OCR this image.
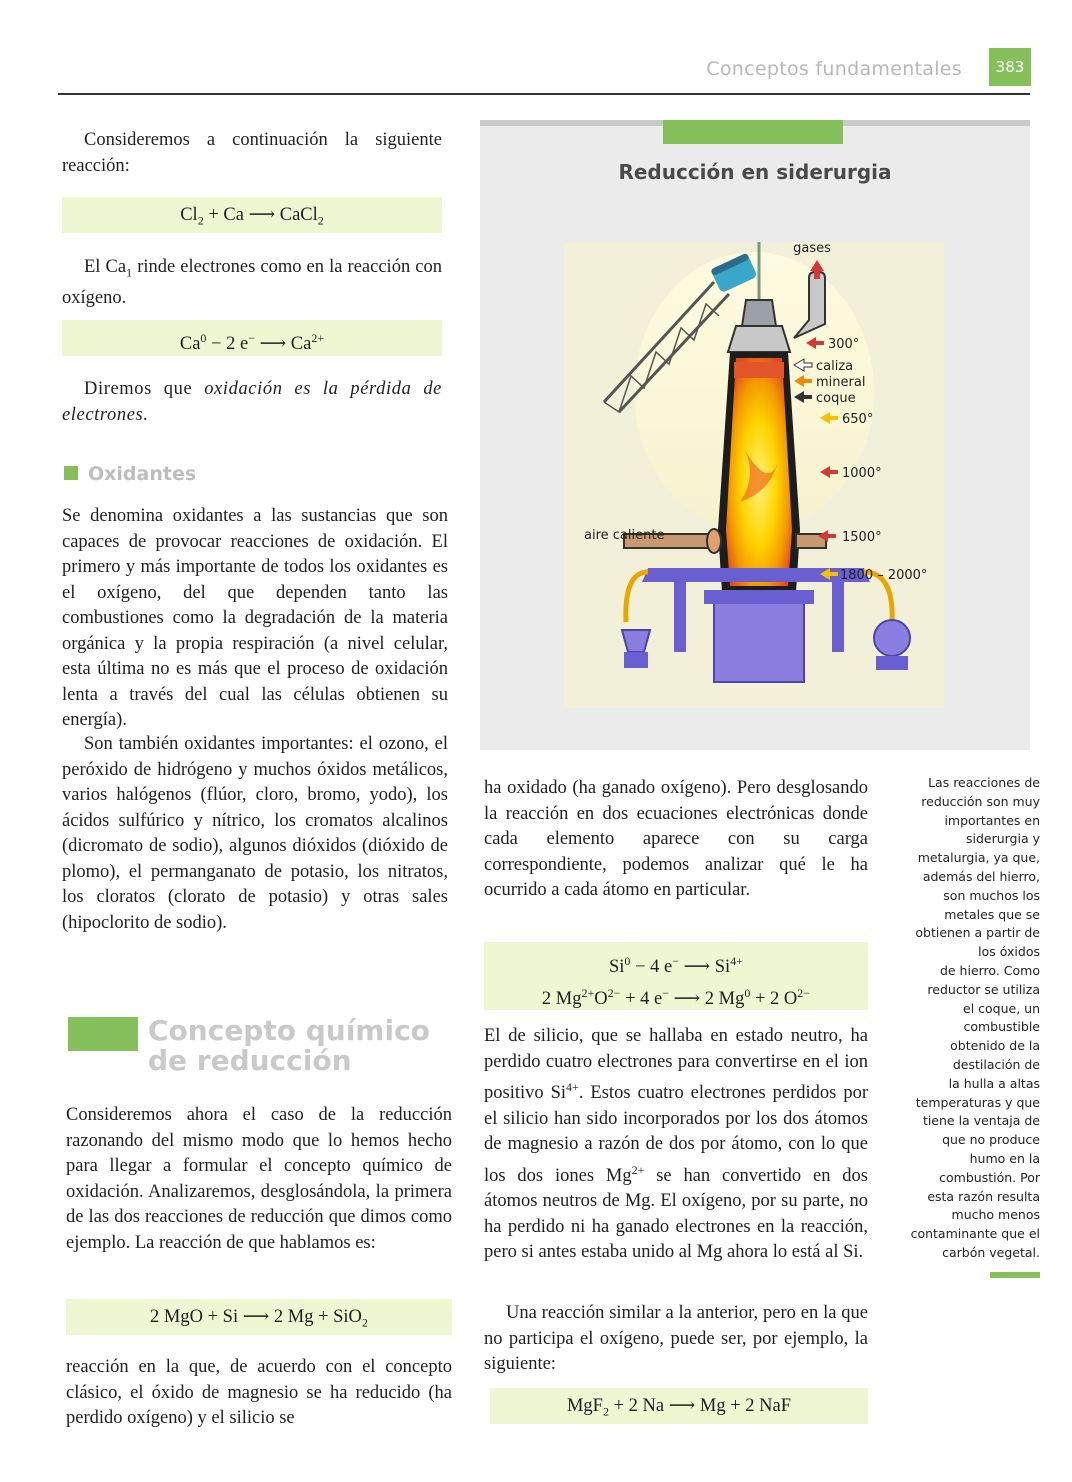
Conceptos fundamentales	383

Consideremos a continuación la siguiente reacción:

$Cl_2 + Ca$ ⟶ CaCl$_2$

El $Ca_1$ rinde electrones como en la reacción con oxígeno.

$Ca^0 - 2$ e− ⟶ $Ca^{2+}$

Diremos que oxidación es la pérdida de electrones.

Oxidantes

Se denomina oxidantes a las sustancias que son capaces de provocar reacciones de oxidación. El primero y más importante de todos los oxidantes es el oxígeno, del que dependen tanto las combustiones como la degradación de la materia orgánica y la propia respiración (a nivel celular, esta última no es más que el proceso de oxidación lenta a través del cual las células obtienen su energía).

Son también oxidantes importantes: el ozono, el peróxido de hidrógeno y muchos óxidos metálicos, varios halógenos (flúor, cloro, bromo, yodo), los ácidos sulfúrico y nítrico, los cromatos alcalinos (dicromato de sodio), algunos dióxidos (dióxido de plomo), el permanganato de potasio, los nitratos, los cloratos (clorato de potasio) y otras sales (hipoclorito de sodio).

Concepto químico
de reducción

Consideremos ahora el caso de la reducción razonando del mismo modo que lo hemos hecho para llegar a formular el concepto químico de oxidación. Analizaremos, desglosándola, la primera de las dos reacciones de reducción que dimos como ejemplo. La reacción de que hablamos es:

2 MgO + Si ⟶ 2 Mg + SiO$_2$

reacción en la que, de acuerdo con el concepto clásico, el óxido de magnesio se ha reducido (ha perdido oxígeno) y el silicio se

Reducción en siderurgia
gases
300°
caliza
mineral
coque
650°
1000°
aire caliente	1500°
1800 – 2000°

ha oxidado (ha ganado oxígeno). Pero desglosando la reacción en dos ecuaciones electrónicas donde cada elemento aparece con su carga correspondiente, podemos analizar qué le ha ocurrido a cada átomo en particular.

$Si^0 - 4$ e− ⟶ $Si^{4+}$
2 $Mg^{2+}O^{2-} + 4$ e− ⟶ 2 $Mg^0 + 2$ $O^{2-}$

El de silicio, que se hallaba en estado neutro, ha perdido cuatro electrones para convertirse en el ion positivo $Si^{4+}$. Estos cuatro electrones perdidos por el silicio han sido incorporados por los dos átomos de magnesio a razón de dos por átomo, con lo que los dos iones $Mg^{2+}$ se han convertido en dos átomos neutros de Mg. El oxígeno, por su parte, no ha perdido ni ha ganado electrones en la reacción, pero si antes estaba unido al Mg ahora lo está al Si.

Una reacción similar a la anterior, pero en la que no participa el oxígeno, puede ser, por ejemplo, la siguiente:

MgF$_2$ + 2 Na ⟶ Mg + 2 NaF
Las reacciones de
reducción son muy
importantes en
siderurgia y
metalurgia, ya que,
además del hierro,
son muchos los
metales que se
obtienen a partir de
los óxidos
de hierro. Como
reductor se utiliza
el coque, un
combustible
obtenido de la
destilación de
la hulla a altas
temperaturas y que
tiene la ventaja de
que no produce
humo en la
combustión. Por
esta razón resulta
mucho menos
contaminante que el
carbón vegetal.
